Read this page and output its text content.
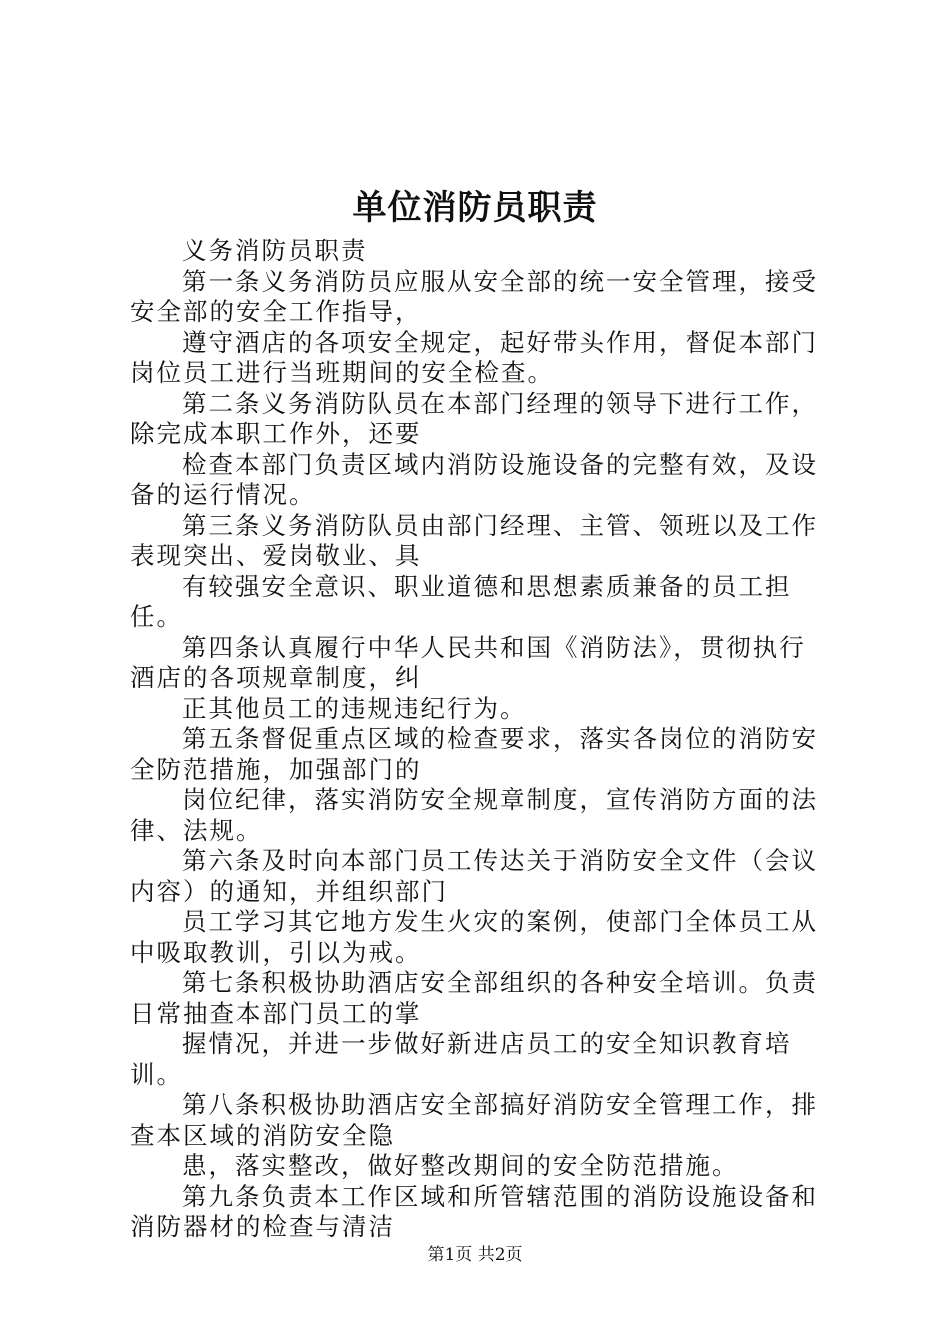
单位消防员职责

义务消防员职责

第一条义务消防员应服从安全部的统一安全管理，接受安全部的安全工作指导，

遵守酒店的各项安全规定，起好带头作用，督促本部门岗位员工进行当班期间的安全检查。

第二条义务消防队员在本部门经理的领导下进行工作，除完成本职工作外，还要

检查本部门负责区域内消防设施设备的完整有效，及设备的运行情况。

第三条义务消防队员由部门经理、主管、领班以及工作表现突出、爱岗敬业、具

有较强安全意识、职业道德和思想素质兼备的员工担任。

第四条认真履行中华人民共和国《消防法》，贯彻执行酒店的各项规章制度，纠

正其他员工的违规违纪行为。

第五条督促重点区域的检查要求，落实各岗位的消防安全防范措施，加强部门的

岗位纪律，落实消防安全规章制度，宣传消防方面的法律、法规。

第六条及时向本部门员工传达关于消防安全文件（会议内容）的通知，并组织部门

员工学习其它地方发生火灾的案例，使部门全体员工从中吸取教训，引以为戒。

第七条积极协助酒店安全部组织的各种安全培训。负责日常抽查本部门员工的掌

握情况，并进一步做好新进店员工的安全知识教育培训。

第八条积极协助酒店安全部搞好消防安全管理工作，排查本区域的消防安全隐

患，落实整改，做好整改期间的安全防范措施。

第九条负责本工作区域和所管辖范围的消防设施设备和消防器材的检查与清洁

第1页 共2页
